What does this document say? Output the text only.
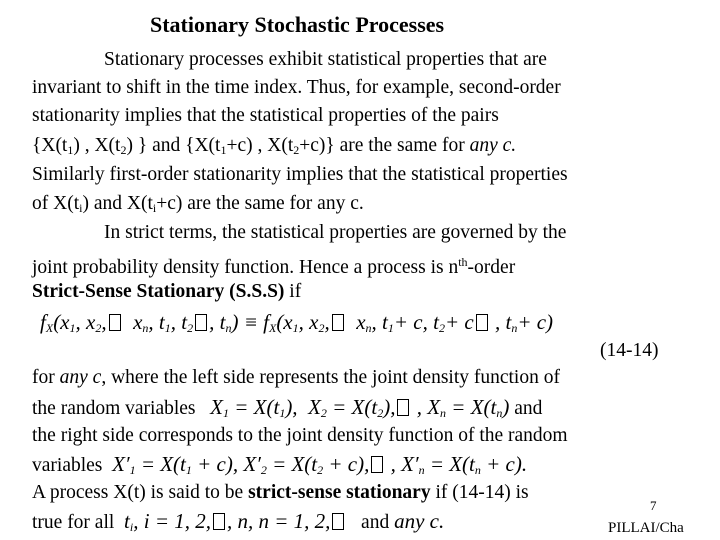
Stationary Stochastic Processes
Stationary processes exhibit statistical properties that are
invariant to shift in the time index. Thus, for example, second-order
stationarity implies that the statistical properties of the pairs
{$X(t_1)$ , $X(t_2)$ } and {$X(t_1+c)$ , $X(t_2+c)$} are the same for any c.
Similarly first-order stationarity implies that the statistical properties
of $X(t_i)$ and $X(t_i+c)$ are the same for any c.
In strict terms, the statistical properties are governed by the
joint probability density function. Hence a process is $n^{th}$-order
Strict-Sense Stationary (S.S.S) if
$f_X(x_1$, $x_2$, $x_n$, $t_1$, $t_2$ , $t_n) \equiv f_X(x_1$, $x_2$, $x_n$, $t_1+ c$, $t_2+ c$ , $t_n+ c$)
(14-14)
for any c, where the left side represents the joint density function of
the random variables $X_1 = X(t_1)$, $X_2 = X(t_2)$, , $X_n = X(t_n)$ and
the right side corresponds to the joint density function of the random
variables $X'_1 = X(t_1 + c)$, $X'_2 = X(t_2 + c)$, , $X'_n = X(t_n + c)$.
A process X(t) is said to be strict-sense stationary if (14-14) is
7
true for all $t_i$, i = 1, 2, , n, n = 1, 2, and any c.	PILLAI/Cha
